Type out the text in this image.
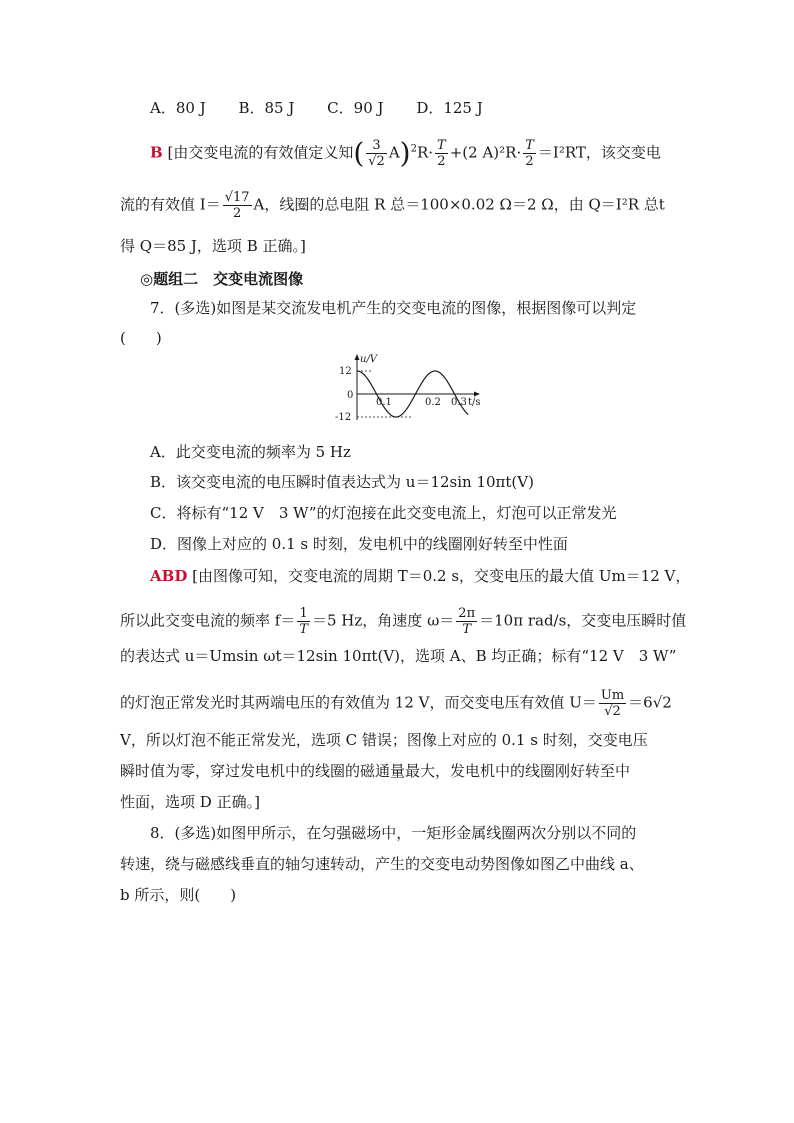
A．80 J B．85 J C．90 J D．125 J
B [由交变电流的有效值定义知( $\frac{3}{√2} A)^2R\cdot \frac{T}{2} +(2$ $A)^2R\cdot \frac{T}{2} =I^2RT$，该交变电
流的有效值 $I= \frac{√17}{2}$ A，线圈的总电阻 R 总＝100×0.02 Ω＝2 Ω，由 Q＝I²R 总t
得 Q＝85 J，选项 B 正确。]
◎题组二　交变电流图像
7．(多选)如图是某交流发电机产生的交变电流的图像，根据图像可以判定
(　　)
u/V
12
0
-12
0.1	0.2 0.3 t/s
A．此交变电流的频率为 5 Hz
B．该交变电流的电压瞬时值表达式为 u＝12sin 10πt(V)
C．将标有“12 V　3 W”的灯泡接在此交变电流上，灯泡可以正常发光
D．图像上对应的 0.1 s 时刻，发电机中的线圈刚好转至中性面
ABD [由图像可知，交变电流的周期 T＝0.2 s，交变电压的最大值 Um＝12 V，
所以此交变电流的频率 $f= \frac{1}{T} =5$ Hz，角速度 $\omega= \frac{2\pi}{T} =10\pi$ rad/s，交变电压瞬时值
的表达式 u＝Umsin ωt＝12sin 10πt(V)，选项 A、B 均正确；标有“12 V　3 W”
的灯泡正常发光时其两端电压的有效值为 12 V，而交变电压有效值 $U= \frac{Um}{√2} =6√2$
V，所以灯泡不能正常发光，选项 C 错误；图像上对应的 0.1 s 时刻，交变电压
瞬时值为零，穿过发电机中的线圈的磁通量最大，发电机中的线圈刚好转至中
性面，选项 D 正确。]
8．(多选)如图甲所示，在匀强磁场中，一矩形金属线圈两次分别以不同的
转速，绕与磁感线垂直的轴匀速转动，产生的交变电动势图像如图乙中曲线 a、
b 所示，则(　　)
